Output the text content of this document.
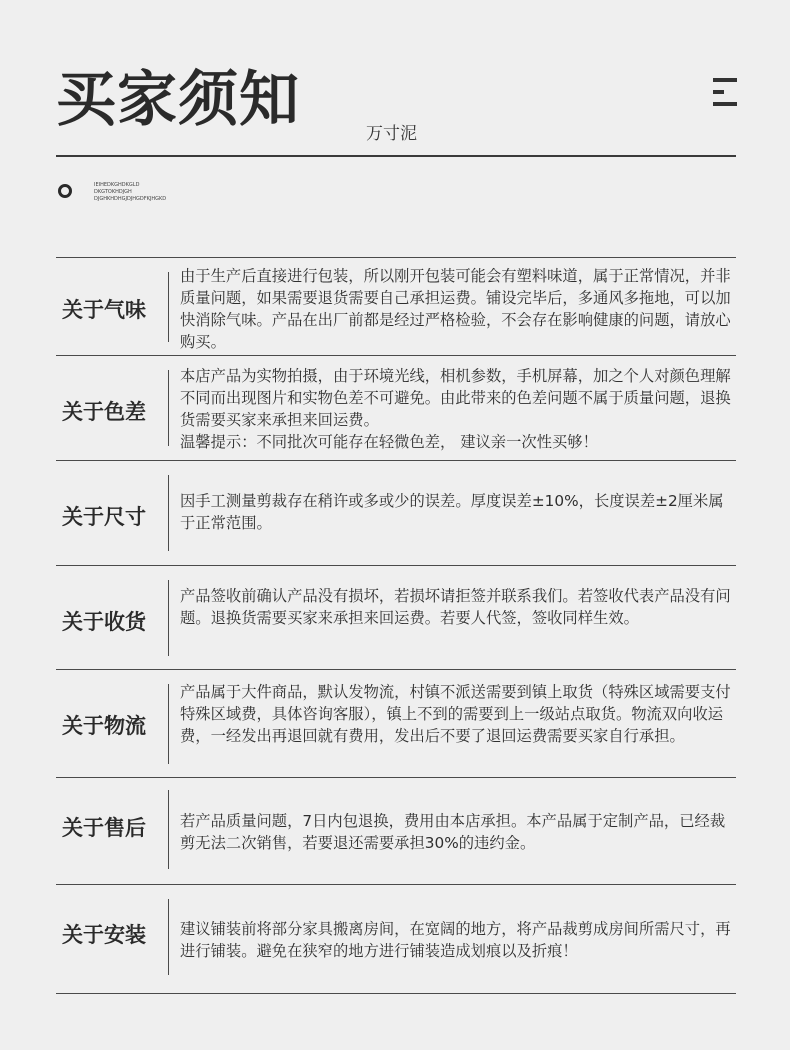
买家须知	万寸泥
IEIHEDKGHDKGLD
DKGTOKHDJGH
DJGHKHDHGJDJHGDFKJHGKD
关于气味

由于生产后直接进行包装，所以刚开包装可能会有塑料味道，属于正常情况，并非质量问题，如果需要退货需要自己承担运费。铺设完毕后，多通风多拖地，可以加快消除气味。产品在出厂前都是经过严格检验，不会存在影响健康的问题，请放心购买。

关于色差

本店产品为实物拍摄，由于环境光线，相机参数，手机屏幕，加之个人对颜色理解不同而出现图片和实物色差不可避免。由此带来的色差问题不属于质量问题，退换货需要买家来承担来回运费。

温馨提示：不同批次可能存在轻微色差， 建议亲一次性买够！

关于尺寸

因手工测量剪裁存在稍许或多或少的误差。厚度误差±10%，长度误差±2厘米属于正常范围。

关于收货

产品签收前确认产品没有损坏，若损坏请拒签并联系我们。若签收代表产品没有问题。退换货需要买家来承担来回运费。若要人代签，签收同样生效。

关于物流

产品属于大件商品，默认发物流，村镇不派送需要到镇上取货（特殊区域需要支付特殊区域费，具体咨询客服），镇上不到的需要到上一级站点取货。物流双向收运费，一经发出再退回就有费用，发出后不要了退回运费需要买家自行承担。

关于售后 若产品质量问题，7日内包退换，费用由本店承担。本产品属于定制产品，已经裁剪无法二次销售，若要退还需要承担30%的违约金。

关于安装 建议铺装前将部分家具搬离房间，在宽阔的地方，将产品裁剪成房间所需尺寸，再进行铺装。避免在狭窄的地方进行铺装造成划痕以及折痕！
